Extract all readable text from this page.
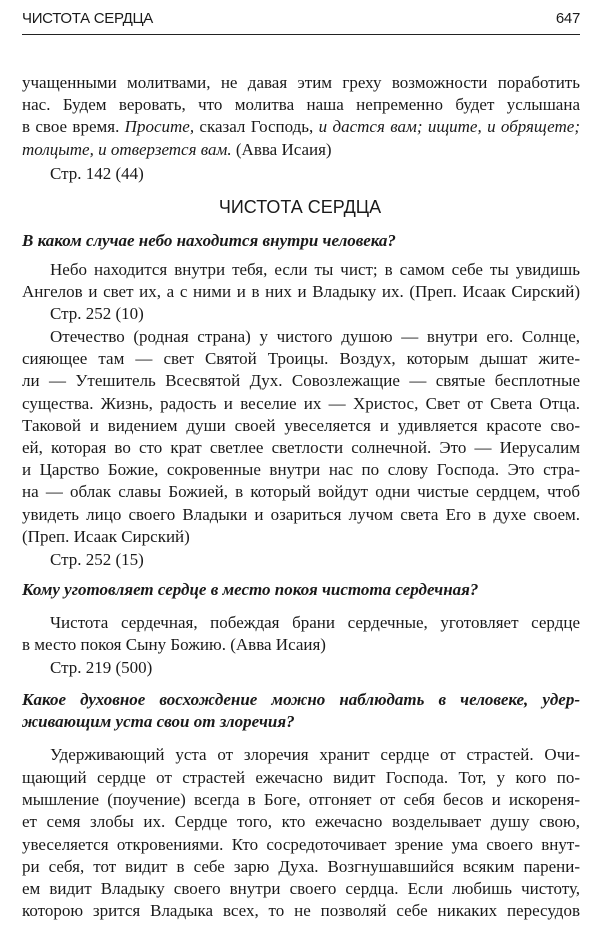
ЧИСТОТА СЕРДЦА	647
учащенными молитвами, не давая этим греху возможности поработить
нас. Будем веровать, что молитва наша непременно будет услышана
в свое время. Просите, сказал Господь, и дастся вам; ищите, и обрящете;
толцыте, и отверзется вам. (Авва Исаия)
Стр. 142 (44)
ЧИСТОТА СЕРДЦА
В каком случае небо находится внутри человека?
Небо находится внутри тебя, если ты чист; в самом себе ты увидишь
Ангелов и свет их, а с ними и в них и Владыку их. (Преп. Исаак Сирский)
Стр. 252 (10)
Отечество (родная страна) у чистого душою — внутри его. Солнце,
сияющее там — свет Святой Троицы. Воздух, которым дышат жите-
ли — Утешитель Всесвятой Дух. Совозлежащие — святые бесплотные
существа. Жизнь, радость и веселие их — Христос, Свет от Света Отца.
Таковой и видением души своей увеселяется и удивляется красоте сво-
ей, которая во сто крат светлее светлости солнечной. Это — Иерусалим
и Царство Божие, сокровенные внутри нас по слову Господа. Это стра-
на — облак славы Божией, в который войдут одни чистые сердцем, чтоб
увидеть лицо своего Владыки и озариться лучом света Его в духе своем.
(Преп. Исаак Сирский)
Стр. 252 (15)
Кому уготовляет сердце в место покоя чистота сердечная?
Чистота сердечная, побеждая брани сердечные, уготовляет сердце
в место покоя Сыну Божию. (Авва Исаия)
Стр. 219 (500)
Какое духовное восхождение можно наблюдать в человеке, удер-
живающим уста свои от злоречия?
Удерживающий уста от злоречия хранит сердце от страстей. Очи-
щающий сердце от страстей ежечасно видит Господа. Тот, у кого по-
мышление (поучение) всегда в Боге, отгоняет от себя бесов и искореня-
ет семя злобы их. Сердце того, кто ежечасно возделывает душу свою,
увеселяется откровениями. Кто сосредоточивает зрение ума своего внут-
ри себя, тот видит в себе зарю Духа. Возгнушавшийся всяким парени-
ем видит Владыку своего внутри своего сердца. Если любишь чистоту,
которою зрится Владыка всех, то не позволяй себе никаких пересудов
